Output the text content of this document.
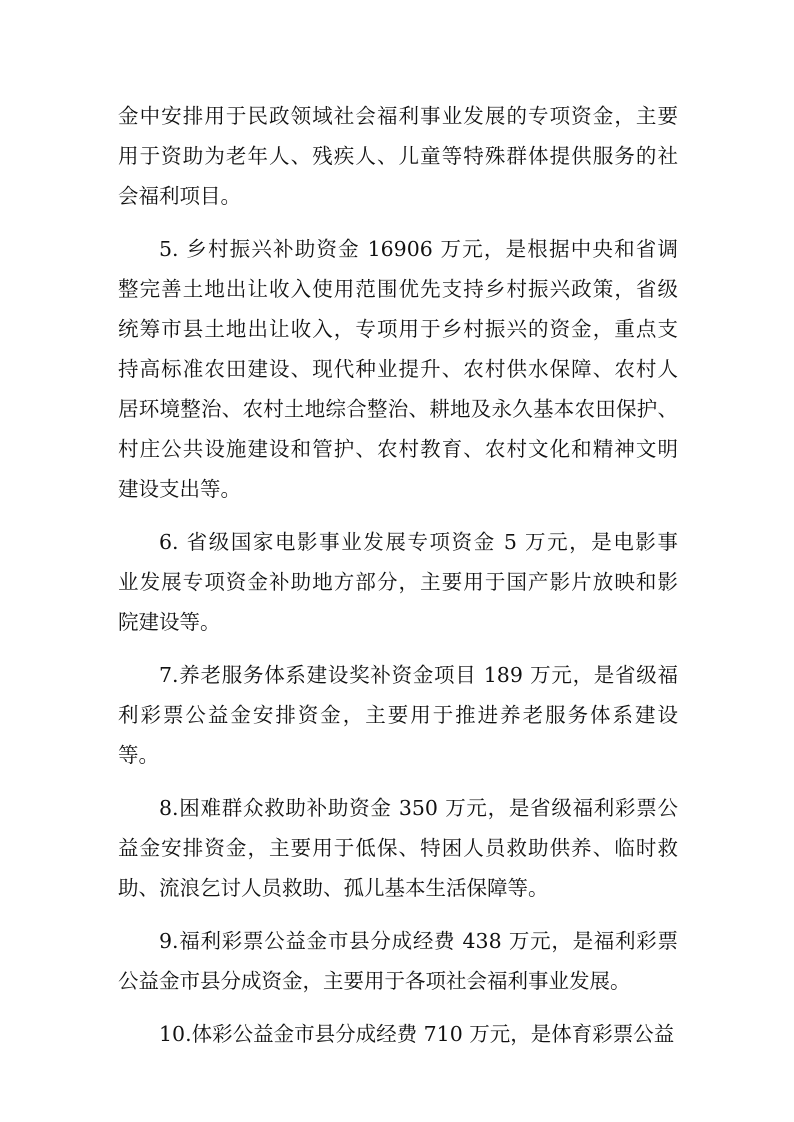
金中安排用于民政领域社会福利事业发展的专项资金，主要
用于资助为老年人、残疾人、儿童等特殊群体提供服务的社
会福利项目。
5. 乡村振兴补助资金 16906 万元，是根据中央和省调
整完善土地出让收入使用范围优先支持乡村振兴政策，省级
统筹市县土地出让收入，专项用于乡村振兴的资金，重点支
持高标准农田建设、现代种业提升、农村供水保障、农村人
居环境整治、农村土地综合整治、耕地及永久基本农田保护、
村庄公共设施建设和管护、农村教育、农村文化和精神文明
建设支出等。
6. 省级国家电影事业发展专项资金 5 万元，是电影事
业发展专项资金补助地方部分，主要用于国产影片放映和影
院建设等。
7.养老服务体系建设奖补资金项目 189 万元，是省级福
利彩票公益金安排资金，主要用于推进养老服务体系建设
等。
8.困难群众救助补助资金 350 万元，是省级福利彩票公
益金安排资金，主要用于低保、特困人员救助供养、临时救
助、流浪乞讨人员救助、孤儿基本生活保障等。
9.福利彩票公益金市县分成经费 438 万元，是福利彩票
公益金市县分成资金，主要用于各项社会福利事业发展。
10.体彩公益金市县分成经费 710 万元，是体育彩票公益
